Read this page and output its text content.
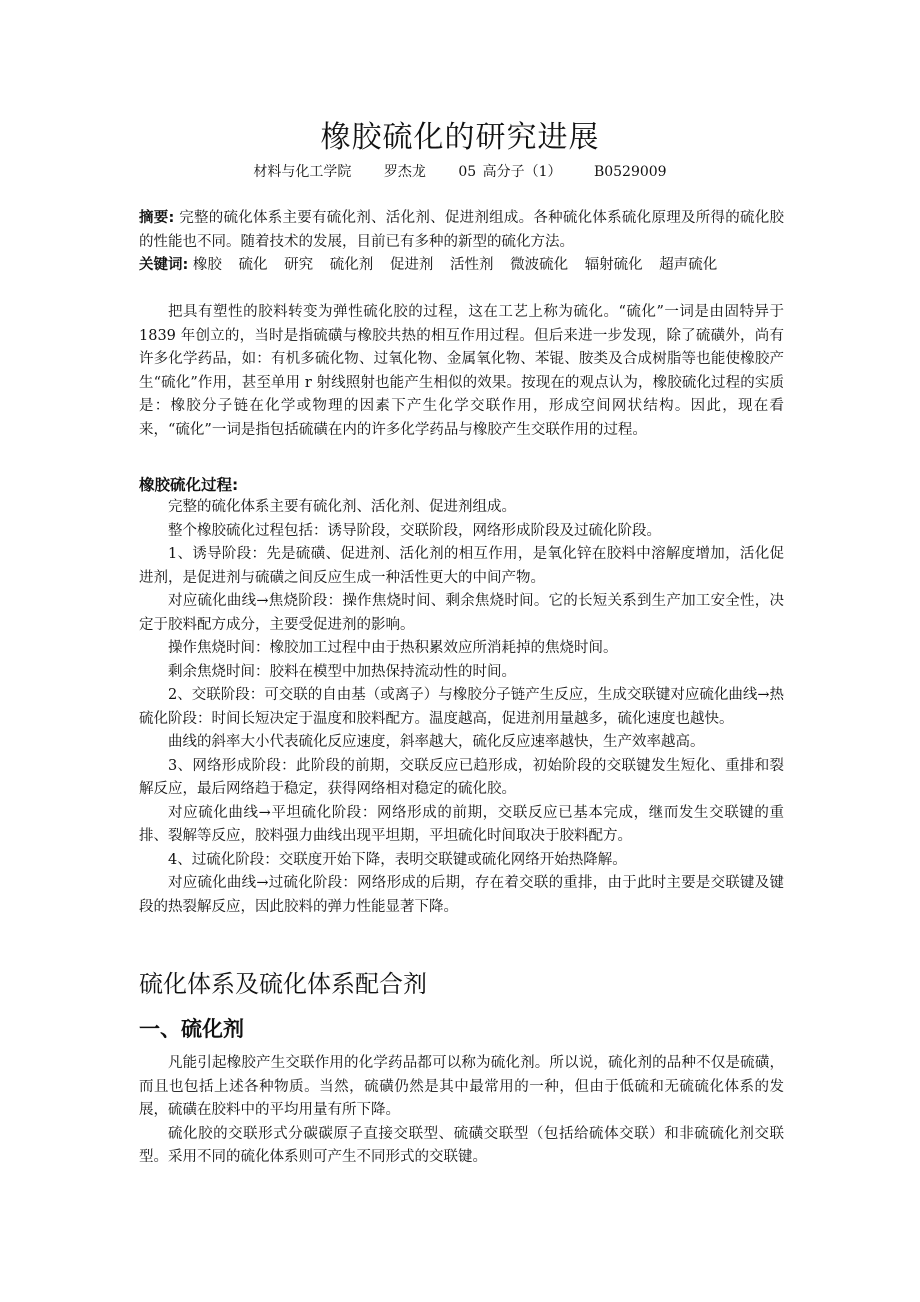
橡胶硫化的研究进展
材料与化工学院 罗杰龙 05 高分子（1） B0529009
摘要: 完整的硫化体系主要有硫化剂、活化剂、促进剂组成。各种硫化体系硫化原理及所得的硫化胶的性能也不同。随着技术的发展，目前已有多种的新型的硫化方法。
关键词: 橡胶 硫化 研究 硫化剂 促进剂 活性剂 微波硫化 辐射硫化 超声硫化

把具有塑性的胶料转变为弹性硫化胶的过程，这在工艺上称为硫化。“硫化”一词是由固特异于 1839 年创立的，当时是指硫磺与橡胶共热的相互作用过程。但后来进一步发现，除了硫磺外，尚有许多化学药品，如：有机多硫化物、过氧化物、金属氧化物、苯锟、胺类及合成树脂等也能使橡胶产生“硫化”作用，甚至单用 r 射线照射也能产生相似的效果。按现在的观点认为，橡胶硫化过程的实质是：橡胶分子链在化学或物理的因素下产生化学交联作用，形成空间网状结构。因此，现在看来，“硫化”一词是指包括硫磺在内的许多化学药品与橡胶产生交联作用的过程。

橡胶硫化过程:

完整的硫化体系主要有硫化剂、活化剂、促进剂组成。

整个橡胶硫化过程包括：诱导阶段，交联阶段，网络形成阶段及过硫化阶段。

1、诱导阶段：先是硫磺、促进剂、活化剂的相互作用，是氧化锌在胶料中溶解度增加，活化促进剂，是促进剂与硫磺之间反应生成一种活性更大的中间产物。

对应硫化曲线→焦烧阶段：操作焦烧时间、剩余焦烧时间。它的长短关系到生产加工安全性，决定于胶料配方成分，主要受促进剂的影响。

操作焦烧时间：橡胶加工过程中由于热积累效应所消耗掉的焦烧时间。

剩余焦烧时间：胶料在模型中加热保持流动性的时间。

2、交联阶段：可交联的自由基（或离子）与橡胶分子链产生反应，生成交联键对应硫化曲线→热硫化阶段：时间长短决定于温度和胶料配方。温度越高，促进剂用量越多，硫化速度也越快。

曲线的斜率大小代表硫化反应速度，斜率越大，硫化反应速率越快，生产效率越高。

3、网络形成阶段：此阶段的前期，交联反应已趋形成，初始阶段的交联键发生短化、重排和裂解反应，最后网络趋于稳定，获得网络相对稳定的硫化胶。

对应硫化曲线→平坦硫化阶段：网络形成的前期，交联反应已基本完成，继而发生交联键的重排、裂解等反应，胶料强力曲线出现平坦期，平坦硫化时间取决于胶料配方。

4、过硫化阶段：交联度开始下降，表明交联键或硫化网络开始热降解。

对应硫化曲线→过硫化阶段：网络形成的后期，存在着交联的重排，由于此时主要是交联键及键段的热裂解反应，因此胶料的弹力性能显著下降。

硫化体系及硫化体系配合剂
一、硫化剂

凡能引起橡胶产生交联作用的化学药品都可以称为硫化剂。所以说，硫化剂的品种不仅是硫磺，而且也包括上述各种物质。当然，硫磺仍然是其中最常用的一种，但由于低硫和无硫硫化体系的发展，硫磺在胶料中的平均用量有所下降。

硫化胶的交联形式分碳碳原子直接交联型、硫磺交联型（包括给硫体交联）和非硫硫化剂交联型。采用不同的硫化体系则可产生不同形式的交联键。
